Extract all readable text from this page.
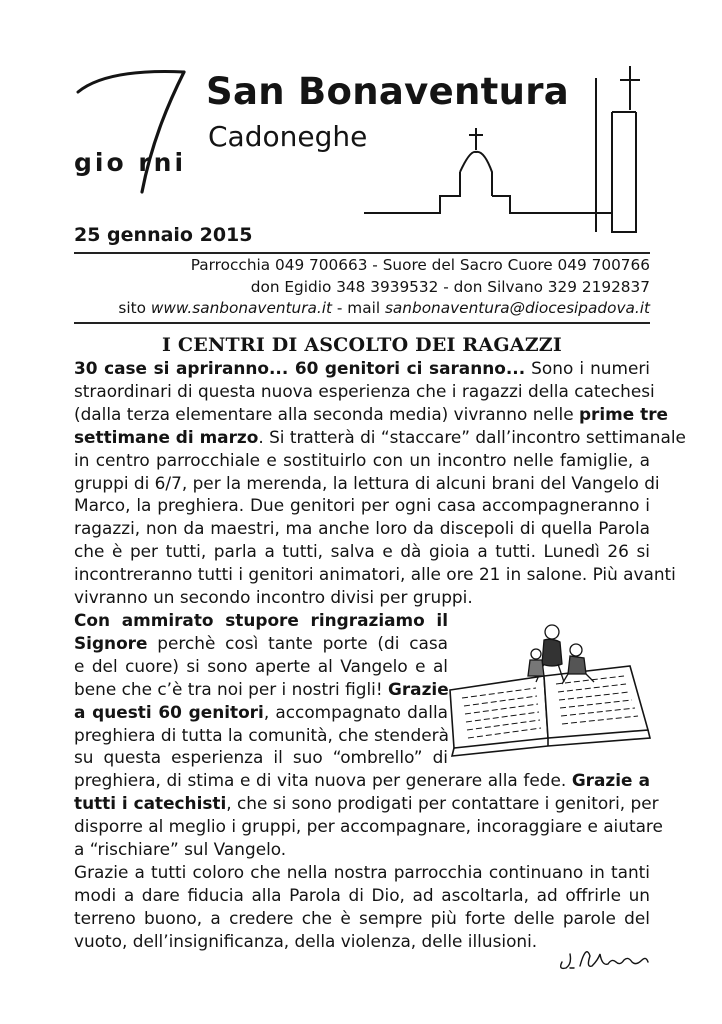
San Bonaventura
Cadoneghe
gio rni
25 gennaio 2015
Parrocchia 049 700663 - Suore del Sacro Cuore 049 700766
don Egidio 348 3939532 - don Silvano 329 2192837
sito www.sanbonaventura.it - mail sanbonaventura@diocesipadova.it
I CENTRI DI ASCOLTO DEI RAGAZZI
30 case si apriranno... 60 genitori ci saranno... Sono i numeri
straordinari di questa nuova esperienza che i ragazzi della catechesi
(dalla terza elementare alla seconda media) vivranno nelle prime tre
settimane di marzo. Si tratterà di “staccare” dall’incontro settimanale
in centro parrocchiale e sostituirlo con un incontro nelle famiglie, a
gruppi di 6/7, per la merenda, la lettura di alcuni brani del Vangelo di
Marco, la preghiera. Due genitori per ogni casa accompagneranno i
ragazzi, non da maestri, ma anche loro da discepoli di quella Parola
che è per tutti, parla a tutti, salva e dà gioia a tutti. Lunedì 26 si
incontreranno tutti i genitori animatori, alle ore 21 in salone. Più avanti
vivranno un secondo incontro divisi per gruppi.
Con ammirato stupore ringraziamo il
Signore perchè così tante porte (di casa
e del cuore) si sono aperte al Vangelo e al
bene che c’è tra noi per i nostri figli! Grazie
a questi 60 genitori, accompagnato dalla
preghiera di tutta la comunità, che stenderà
su questa esperienza il suo “ombrello” di
preghiera, di stima e di vita nuova per generare alla fede. Grazie a
tutti i catechisti, che si sono prodigati per contattare i genitori, per
disporre al meglio i gruppi, per accompagnare, incoraggiare e aiutare
a “rischiare” sul Vangelo.
Grazie a tutti coloro che nella nostra parrocchia continuano in tanti
modi a dare fiducia alla Parola di Dio, ad ascoltarla, ad offrirle un
terreno buono, a credere che è sempre più forte delle parole del
vuoto, dell’insignificanza, della violenza, delle illusioni.
